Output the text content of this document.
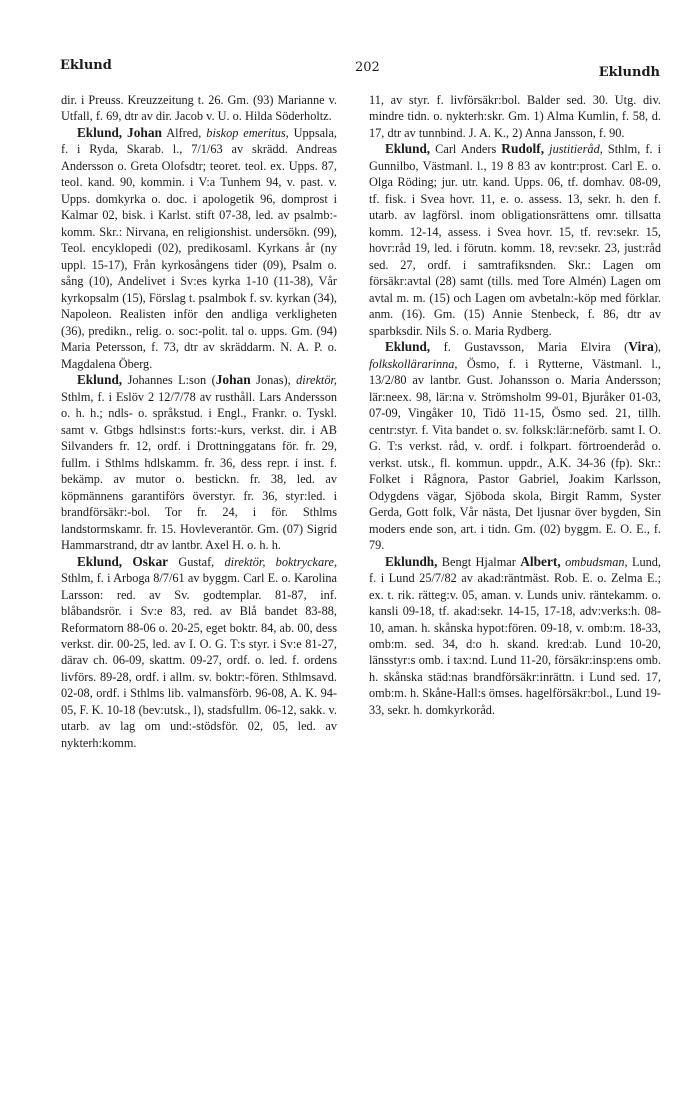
Eklund	202	Eklundh

dir. i Preuss. Kreuzzeitung t. 26. Gm. (93) Marianne v. Utfall, f. 69, dtr av dir. Jacob v. U. o. Hilda Söderholtz.

Eklund, Johan Alfred, biskop emeritus, Uppsala, f. i Ryda, Skarab. l., 7/1/63 av skrädd. Andreas Andersson o. Greta Olofsdtr; teoret. teol. ex. Upps. 87, teol. kand. 90, kommin. i V:a Tunhem 94, v. past. v. Upps. domkyrka o. doc. i apologetik 96, domprost i Kalmar 02, bisk. i Karlst. stift 07-38, led. av psalmb:-komm. Skr.: Nirvana, en religionshist. undersökn. (99), Teol. encyklopedi (02), predikosaml. Kyrkans år (ny uppl. 15-17), Från kyrkosångens tider (09), Psalm o. sång (10), Andelivet i Sv:es kyrka 1-10 (11-38), Vår kyrkopsalm (15), Förslag t. psalmbok f. sv. kyrkan (34), Napoleon. Realisten inför den andliga verkligheten (36), predikn., relig. o. soc:-polit. tal o. upps. Gm. (94) Maria Petersson, f. 73, dtr av skräddarm. N. A. P. o. Magdalena Öberg.

Eklund, Johannes L:son (Johan Jonas), direktör, Sthlm, f. i Eslöv 2 12/7/78 av rusthåll. Lars Andersson o. h. h.; ndls- o. språkstud. i Engl., Frankr. o. Tyskl. samt v. Gtbgs hdlsinst:s forts:-kurs, verkst. dir. i AB Silvanders fr. 12, ordf. i Drottninggatans för. fr. 29, fullm. i Sthlms hdlskamm. fr. 36, dess repr. i inst. f. bekämp. av mutor o. bestickn. fr. 38, led. av köpmännens garantiförs överstyr. fr. 36, styr:led. i brandförsäkr:-bol. Tor fr. 24, i för. Sthlms landstormskamr. fr. 15. Hovleverantör. Gm. (07) Sigrid Hammarstrand, dtr av lantbr. Axel H. o. h. h.

Eklund, Oskar Gustaf, direktör, boktryckare, Sthlm, f. i Arboga 8/7/61 av byggm. Carl E. o. Karolina Larsson: red. av Sv. godtemplar. 81-87, inf. blåbandsrör. i Sv:e 83, red. av Blå bandet 83-88, Reformatorn 88-06 o. 20-25, eget boktr. 84, ab. 00, dess verkst. dir. 00-25, led. av I. O. G. T:s styr. i Sv:e 81-27, därav ch. 06-09, skattm. 09-27, ordf. o. led. f. ordens livförs. 89-28, ordf. i allm. sv. boktr:-fören. Sthlmsavd. 02-08, ordf. i Sthlms lib. valmansförb. 96-08, A. K. 94-05, F. K. 10-18 (bev:utsk., l), stadsfullm. 06-12, sakk. v. utarb. av lag om und:-stödsför. 02, 05, led. av nykterh:komm.

11, av styr. f. livförsäkr:bol. Balder sed. 30. Utg. div. mindre tidn. o. nykterh:skr. Gm. 1) Alma Kumlin, f. 58, d. 17, dtr av tunnbind. J. A. K., 2) Anna Jansson, f. 90.

Eklund, Carl Anders Rudolf, justitieråd, Sthlm, f. i Gunnilbo, Västmanl. l., 19 8 83 av kontr:prost. Carl E. o. Olga Röding; jur. utr. kand. Upps. 06, tf. domhav. 08-09, tf. fisk. i Svea hovr. 11, e. o. assess. 13, sekr. h. den f. utarb. av lagförsl. inom obligationsrättens omr. tillsatta komm. 12-14, assess. i Svea hovr. 15, tf. rev:sekr. 15, hovr:råd 19, led. i förutn. komm. 18, rev:sekr. 23, just:råd sed. 27, ordf. i samtrafiksnden. Skr.: Lagen om försäkr:avtal (28) samt (tills. med Tore Almén) Lagen om avtal m. m. (15) och Lagen om avbetaln:-köp med förklar. anm. (16). Gm. (15) Annie Stenbeck, f. 86, dtr av sparbksdir. Nils S. o. Maria Rydberg.

Eklund, f. Gustavsson, Maria Elvira (Vira), folkskollärarinna, Ösmo, f. i Rytterne, Västmanl. l., 13/2/80 av lantbr. Gust. Johansson o. Maria Andersson; lär:neex. 98, lär:na v. Strömsholm 99-01, Bjuråker 01-03, 07-09, Vingåker 10, Tidö 11-15, Ösmo sed. 21, tillh. centr:styr. f. Vita bandet o. sv. folksk:lär:neförb. samt I. O. G. T:s verkst. råd, v. ordf. i folkpart. förtroenderåd o. verkst. utsk., fl. kommun. uppdr., A.K. 34-36 (fp). Skr.: Folket i Rågnora, Pastor Gabriel, Joakim Karlsson, Odygdens vägar, Sjöboda skola, Birgit Ramm, Syster Gerda, Gott folk, Vår nästa, Det ljusnar över bygden, Sin moders ende son, art. i tidn. Gm. (02) byggm. E. O. E., f. 79.

Eklundh, Bengt Hjalmar Albert, ombudsman, Lund, f. i Lund 25/7/82 av akad:räntmäst. Rob. E. o. Zelma E.; ex. t. rik. rätteg:v. 05, aman. v. Lunds univ. räntekamm. o. kansli 09-18, tf. akad:sekr. 14-15, 17-18, adv:verks:h. 08-10, aman. h. skånska hypot:fören. 09-18, v. omb:m. 18-33, omb:m. sed. 34, d:o h. skand. kred:ab. Lund 10-20, länsstyr:s omb. i tax:nd. Lund 11-20, försäkr:insp:ens omb. h. skånska städ:nas brandförsäkr:inrättn. i Lund sed. 17, omb:m. h. Skåne-Hall:s ömses. hagelförsäkr:bol., Lund 19-33, sekr. h. domkyrkoråd.
